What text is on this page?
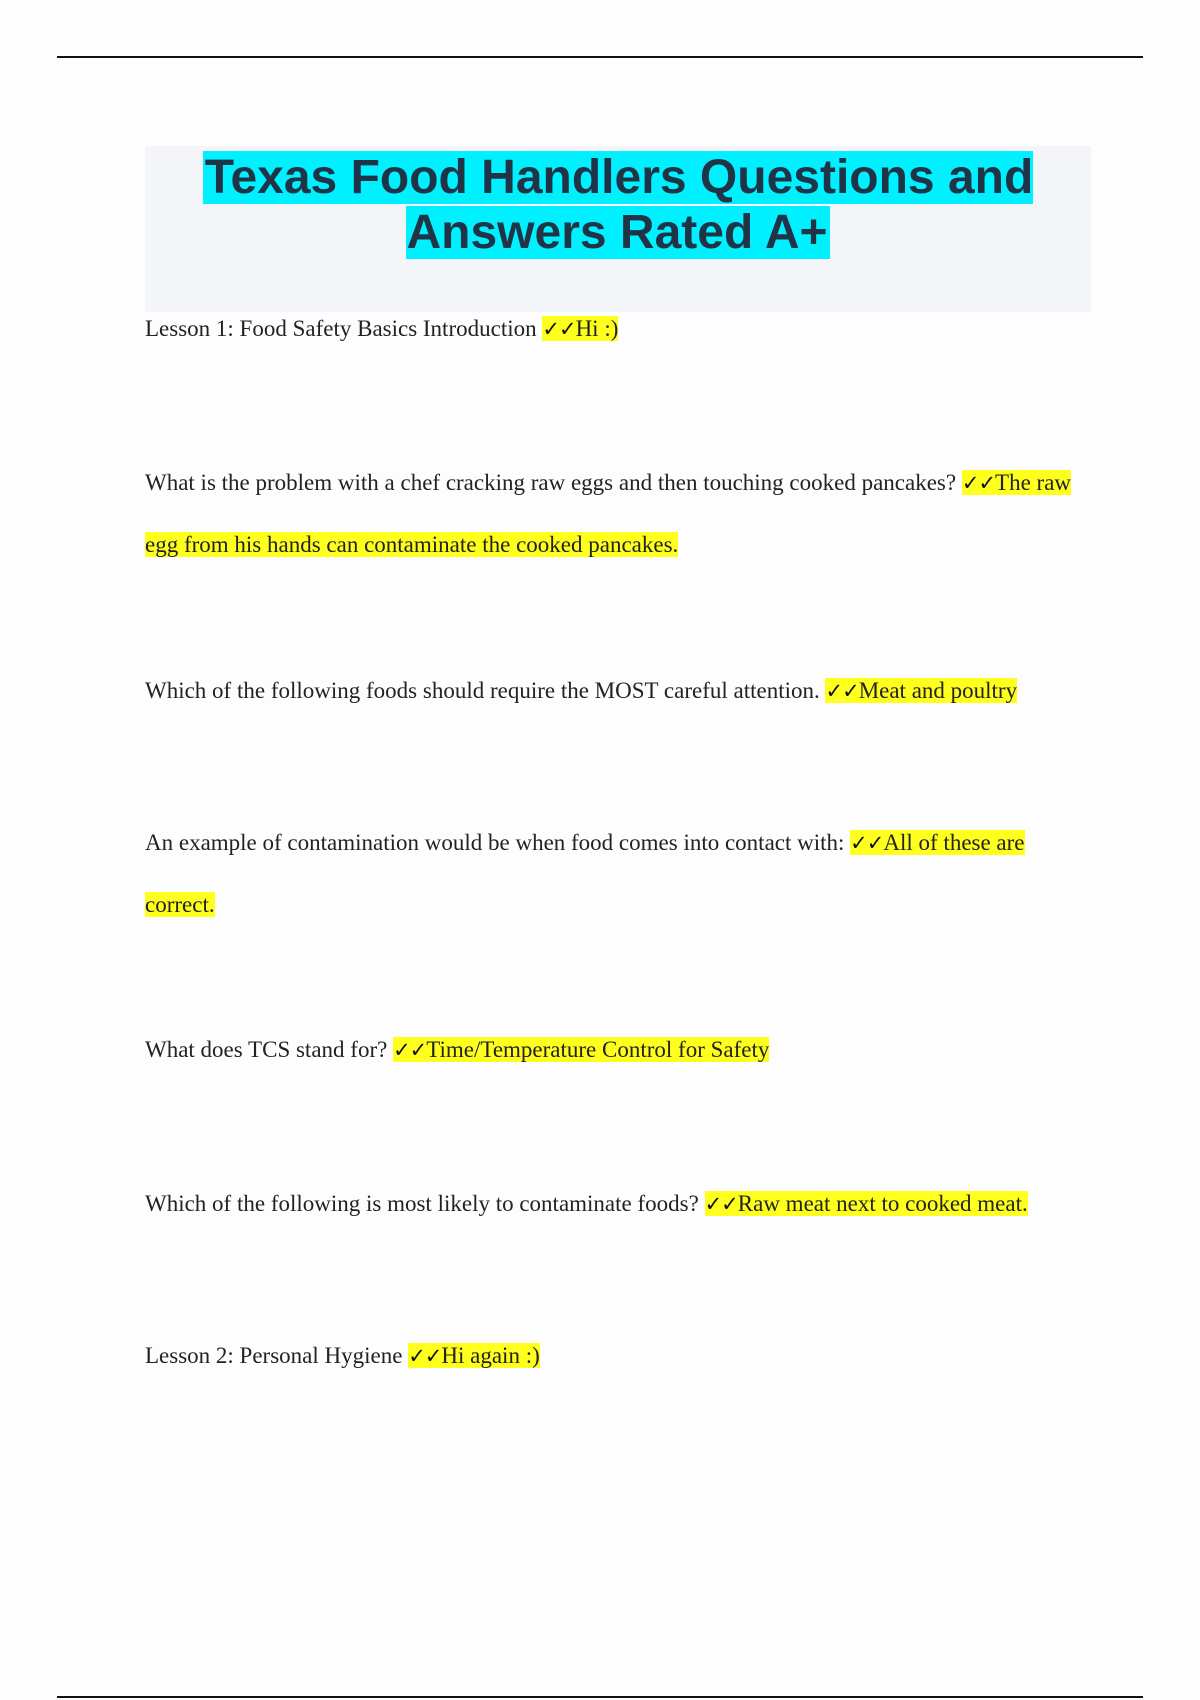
Texas Food Handlers Questions and Answers Rated A+

Lesson 1: Food Safety Basics Introduction ✓✓Hi :)

What is the problem with a chef cracking raw eggs and then touching cooked pancakes? ✓✓The raw egg from his hands can contaminate the cooked pancakes.

Which of the following foods should require the MOST careful attention. ✓✓Meat and poultry

An example of contamination would be when food comes into contact with: ✓✓All of these are correct.

What does TCS stand for? ✓✓Time/Temperature Control for Safety

Which of the following is most likely to contaminate foods? ✓✓Raw meat next to cooked meat.

Lesson 2: Personal Hygiene ✓✓Hi again :)
